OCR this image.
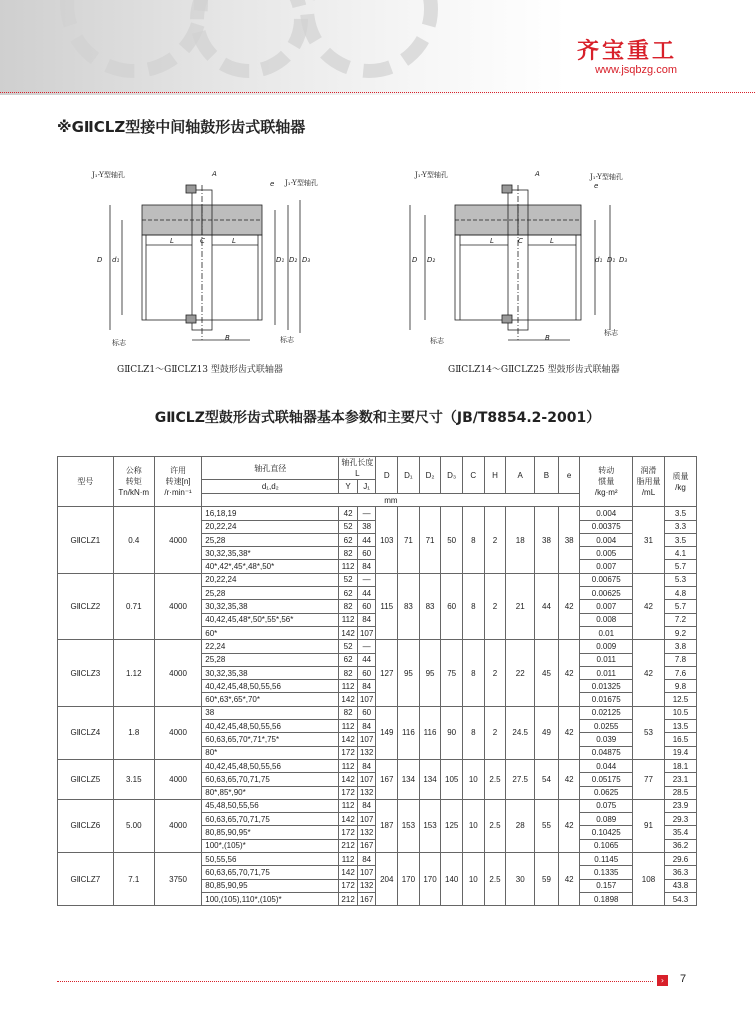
齐宝重工
www.jsqbzg.com
※GⅡCLZ型接中间轴鼓形齿式联轴器
J₁-Y型轴孔
J₁-Y型轴孔
A
e
C
L	L
B
D d₁	D₁ D₂ D₃
标志	标志
GⅡCLZ1～GⅡCLZ13 型鼓形齿式联轴器
J₁-Y型轴孔	J₁-Y型轴孔
A
e
C
L	L
B
D D₂	d₁ D₁ D₃
标志
标志
GⅡCLZ14～GⅡCLZ25 型鼓形齿式联轴器
GⅡCLZ型鼓形齿式联轴器基本参数和主要尺寸（JB/T8854.2-2001）
型号	公称
转矩
Tn/kN·m	许用
转速[n]
/r·min⁻¹	轴孔直径	轴孔长度L		D	D₁	D₂	D₃	C	H	A	B	e	转动
惯量
/kg·m²	润滑
脂用量
/mL	质量
/kg
			d₁,d₂	Y	J₁												
			mm														
GⅡCLZ1	0.4	4000	16,18,19	42	—	103	71	71	50	8	2	18	38	38	0.004	31	3.5
			20,22,24	52	38										0.00375		3.3
			25,28	62	44										0.004		3.5
			30,32,35,38*	82	60										0.005		4.1
			40*,42*,45*,48*,50*	112	84										0.007		5.7
GⅡCLZ2	0.71	4000	20,22,24	52	—	115	83	83	60	8	2	21	44	42	0.00675	42	5.3
			25,28	62	44										0.00625		4.8
			30,32,35,38	82	60										0.007		5.7
			40,42,45,48*,50*,55*,56*	112	84										0.008		7.2
			60*	142	107										0.01		9.2
GⅡCLZ3	1.12	4000	22,24	52	—	127	95	95	75	8	2	22	45	42	0.009	42	3.8
			25,28	62	44										0.011		7.8
			30,32,35,38	82	60										0.011		7.6
			40,42,45,48,50,55,56	112	84										0.01325		9.8
			60*,63*,65*,70*	142	107										0.01675		12.5
GⅡCLZ4	1.8	4000	38	82	60	149	116	116	90	8	2	24.5	49	42	0.02125	53	10.5
			40,42,45,48,50,55,56	112	84										0.0255		13.5
			60,63,65,70*,71*,75*	142	107										0.039		16.5
			80*	172	132										0.04875		19.4
GⅡCLZ5	3.15	4000	40,42,45,48,50,55,56	112	84	167	134	134	105	10	2.5	27.5	54	42	0.044	77	18.1
			60,63,65,70,71,75	142	107										0.05175		23.1
			80*,85*,90*	172	132										0.0625		28.5
GⅡCLZ6	5.00	4000	45,48,50,55,56	112	84	187	153	153	125	10	2.5	28	55	42	0.075	91	23.9
			60,63,65,70,71,75	142	107										0.089		29.3
			80,85,90,95*	172	132										0.10425		35.4
			100*,(105)*	212	167										0.1065		36.2
GⅡCLZ7	7.1	3750	50,55,56	112	84	204	170	170	140	10	2.5	30	59	42	0.1145	108	29.6
			60,63,65,70,71,75	142	107										0.1335		36.3
			80,85,90,95	172	132										0.157		43.8
			100,(105),110*,(105)*	212	167										0.1898		54.3
›	7
